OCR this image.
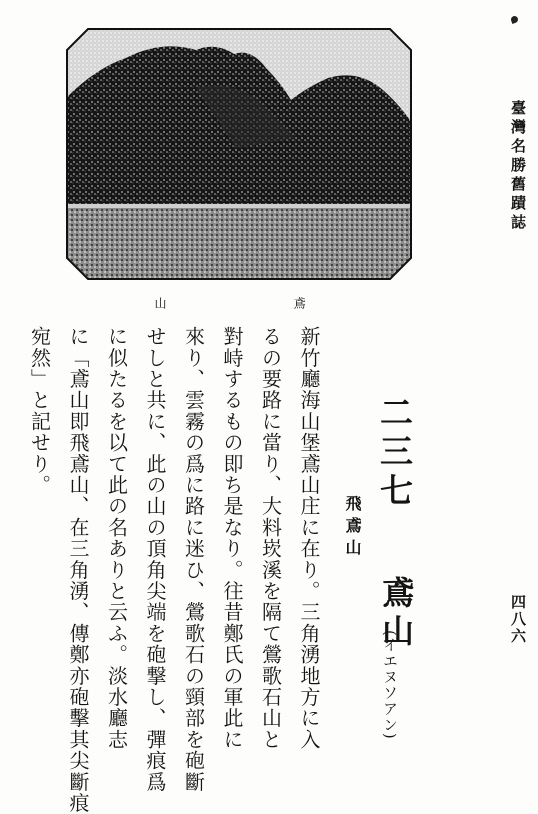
臺灣名勝舊蹟誌
四八六
山	鳶
二三七
鳶山
(イエヌソアン)
飛鳶山
新竹廳海山堡鳶山庄に在り。三角湧地方に入
るの要路に當り、大料崁溪を隔て鶯歌石山と
對峙するもの即ち是なり。往昔鄭氏の軍此に
來り、雲霧の爲に路に迷ひ、鶯歌石の頸部を砲斷
せしと共に、此の山の頂角尖端を砲撃し、彈痕爲
に似たるを以て此の名ありと云ふ。淡水廳志
に「鳶山即飛鳶山、在三角湧、傳鄭亦砲擊其尖斷痕
宛然」と記せり。
